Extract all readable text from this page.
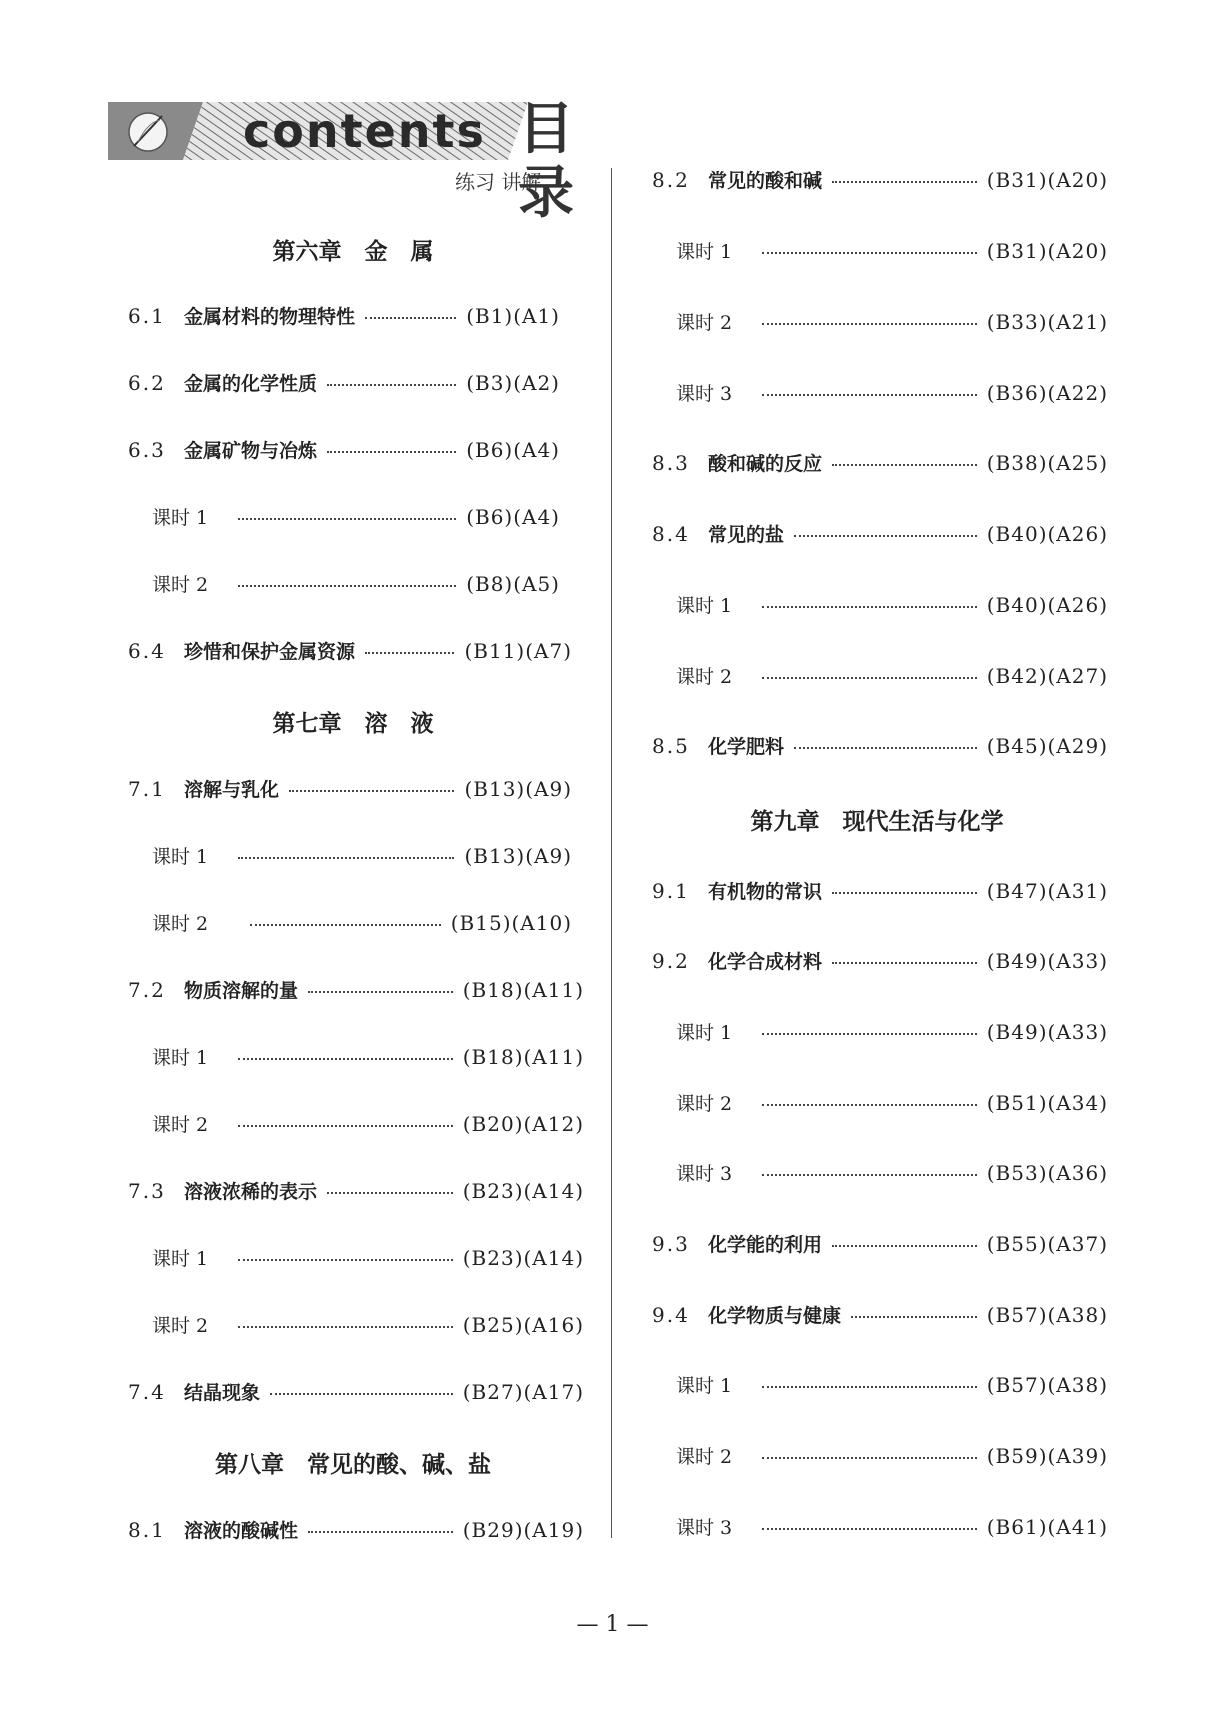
contents 目录
练习 讲解
第六章　金　属
6.1 金属材料的物理特性	(B1)(A1)
6.2 金属的化学性质	(B3)(A2)
6.3 金属矿物与冶炼	(B6)(A4)
课时 1	(B6)(A4)
课时 2	(B8)(A5)
6.4 珍惜和保护金属资源	(B11)(A7)
第七章　溶　液
7.1 溶解与乳化	(B13)(A9)
课时 1	(B13)(A9)
课时 2	(B15)(A10)
7.2 物质溶解的量	(B18)(A11)
课时 1	(B18)(A11)
课时 2	(B20)(A12)
7.3 溶液浓稀的表示	(B23)(A14)
课时 1	(B23)(A14)
课时 2	(B25)(A16)
7.4 结晶现象	(B27)(A17)
第八章　常见的酸、碱、盐
8.1 溶液的酸碱性	(B29)(A19)
8.2 常见的酸和碱	(B31)(A20)
课时 1	(B31)(A20)
课时 2	(B33)(A21)
课时 3	(B36)(A22)
8.3 酸和碱的反应	(B38)(A25)
8.4 常见的盐	(B40)(A26)
课时 1	(B40)(A26)
课时 2	(B42)(A27)
8.5 化学肥料	(B45)(A29)
第九章　现代生活与化学
9.1 有机物的常识	(B47)(A31)
9.2 化学合成材料	(B49)(A33)
课时 1	(B49)(A33)
课时 2	(B51)(A34)
课时 3	(B53)(A36)
9.3 化学能的利用	(B55)(A37)
9.4 化学物质与健康	(B57)(A38)
课时 1	(B57)(A38)
课时 2	(B59)(A39)
课时 3	(B61)(A41)
— 1 —
